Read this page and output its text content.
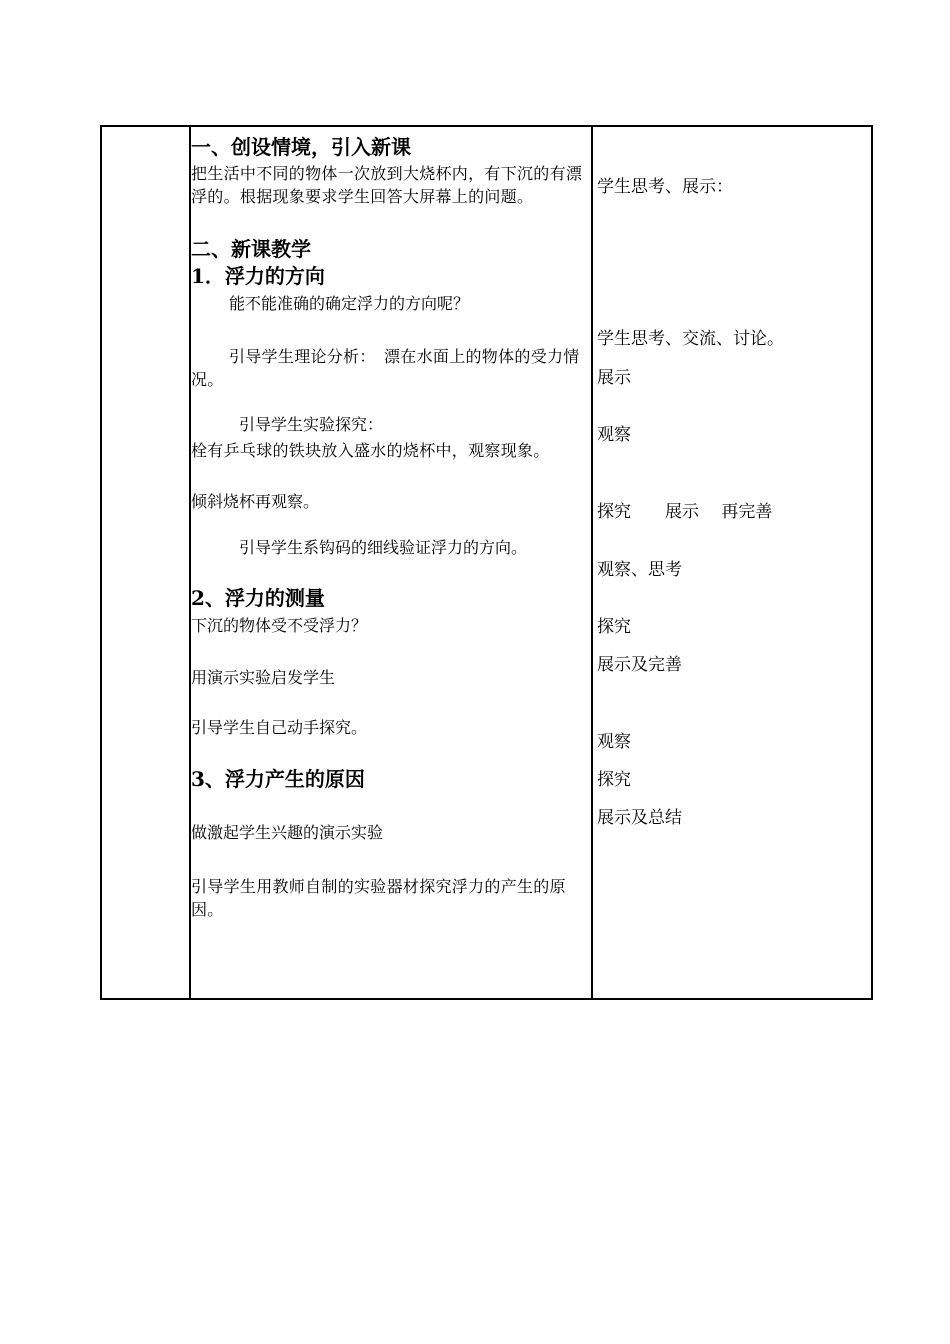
一、创设情境，引入新课
把生活中不同的物体一次放到大烧杯内，有下沉的有漂浮的。根据现象要求学生回答大屏幕上的问题。
二、新课教学
1．浮力的方向
能不能准确的确定浮力的方向呢？
引导学生理论分析：　漂在水面上的物体的受力情况。
引导学生实验探究：
栓有乒乓球的铁块放入盛水的烧杯中，观察现象。
倾斜烧杯再观察。
引导学生系钩码的细线验证浮力的方向。
2、浮力的测量
下沉的物体受不受浮力？
用演示实验启发学生
引导学生自己动手探究。
3、浮力产生的原因
做激起学生兴趣的演示实验
引导学生用教师自制的实验器材探究浮力的产生的原因。
学生思考、展示：
学生思考、交流、讨论。
展示
观察
探究　　展示　 再完善
观察、思考
探究
展示及完善
观察
探究
展示及总结
